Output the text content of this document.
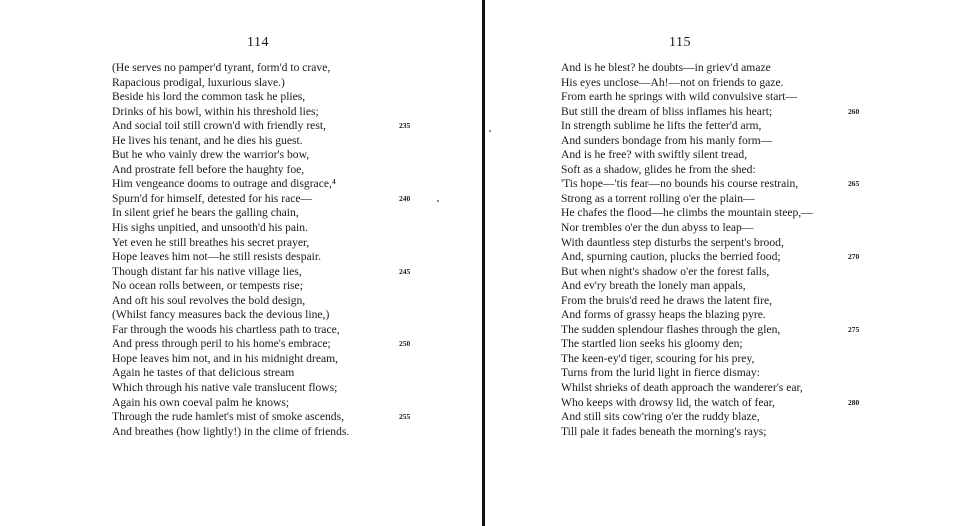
114
(He serves no pamper'd tyrant, form'd to crave,
Rapacious prodigal, luxurious slave.)
Beside his lord the common task he plies,
Drinks of his bowl, within his threshold lies;
And social toil still crown'd with friendly rest,	235
He lives his tenant, and he dies his guest.
But he who vainly drew the warrior's bow,
And prostrate fell before the haughty foe,
Him vengeance dooms to outrage and disgrace,⁴
Spurn'd for himself, detested for his race—	240
In silent grief he bears the galling chain,
His sighs unpitied, and unsooth'd his pain.
Yet even he still breathes his secret prayer,
Hope leaves him not—he still resists despair.
Though distant far his native village lies,	245
No ocean rolls between, or tempests rise;
And oft his soul revolves the bold design,
(Whilst fancy measures back the devious line,)
Far through the woods his chartless path to trace,
And press through peril to his home's embrace;	250
Hope leaves him not, and in his midnight dream,
Again he tastes of that delicious stream
Which through his native vale translucent flows;
Again his own coeval palm he knows;
Through the rude hamlet's mist of smoke ascends,	255
And breathes (how lightly!) in the clime of friends.
115
And is he blest? he doubts—in griev'd amaze
His eyes unclose—Ah!—not on friends to gaze.
From earth he springs with wild convulsive start—
But still the dream of bliss inflames his heart;	260
In strength sublime he lifts the fetter'd arm,
And sunders bondage from his manly form—
And is he free? with swiftly silent tread,
Soft as a shadow, glides he from the shed:
'Tis hope—'tis fear—no bounds his course restrain,	265
Strong as a torrent rolling o'er the plain—
He chafes the flood—he climbs the mountain steep,—
Nor trembles o'er the dun abyss to leap—
With dauntless step disturbs the serpent's brood,
And, spurning caution, plucks the berried food;	270
But when night's shadow o'er the forest falls,
And ev'ry breath the lonely man appals,
From the bruis'd reed he draws the latent fire,
And forms of grassy heaps the blazing pyre.
The sudden splendour flashes through the glen,	275
The startled lion seeks his gloomy den;
The keen-ey'd tiger, scouring for his prey,
Turns from the lurid light in fierce dismay:
Whilst shrieks of death approach the wanderer's ear,
Who keeps with drowsy lid, the watch of fear,	280
And still sits cow'ring o'er the ruddy blaze,
Till pale it fades beneath the morning's rays;
